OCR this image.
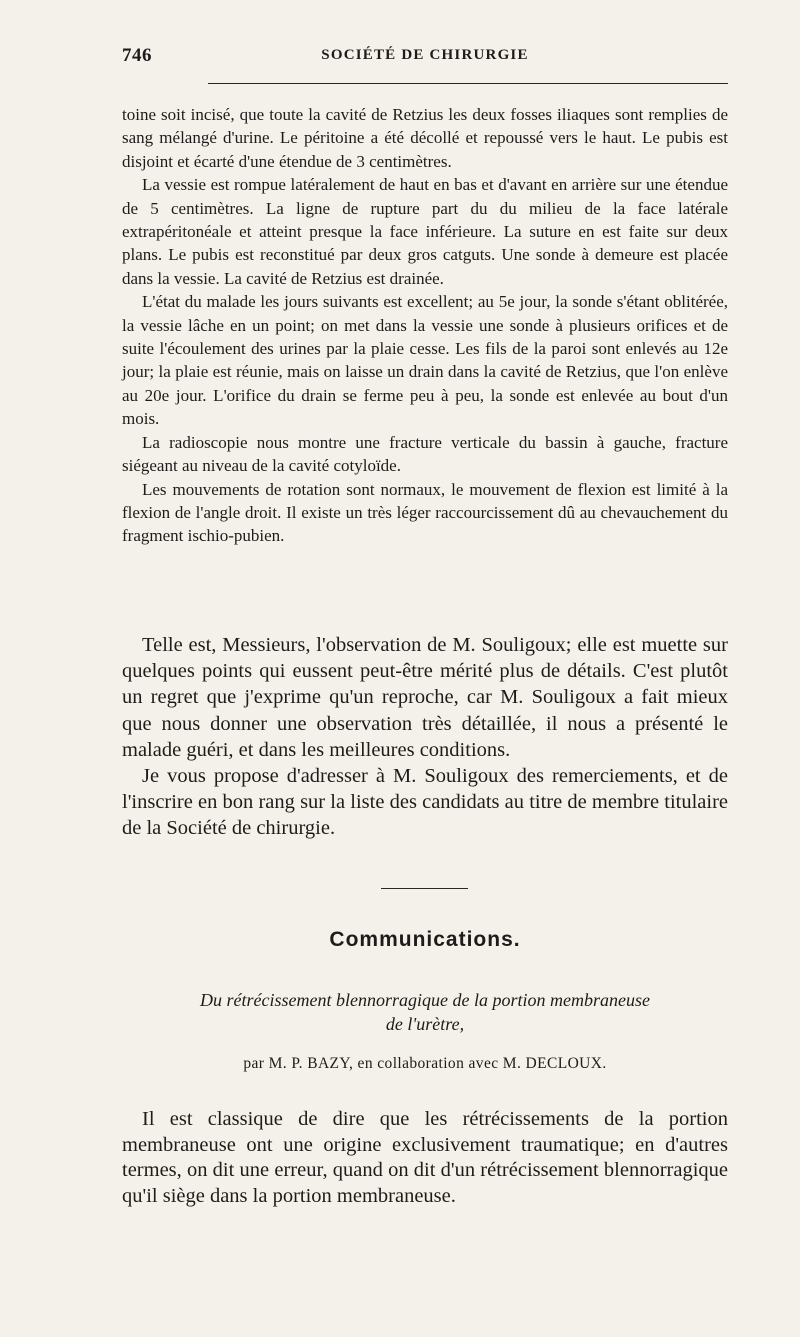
746	SOCIÉTÉ DE CHIRURGIE

toine soit incisé, que toute la cavité de Retzius les deux fosses iliaques sont remplies de sang mélangé d'urine. Le péritoine a été décollé et repoussé vers le haut. Le pubis est disjoint et écarté d'une étendue de 3 centimètres.

La vessie est rompue latéralement de haut en bas et d'avant en arrière sur une étendue de 5 centimètres. La ligne de rupture part du du milieu de la face latérale extrapéritonéale et atteint presque la face inférieure. La suture en est faite sur deux plans. Le pubis est reconstitué par deux gros catguts. Une sonde à demeure est placée dans la vessie. La cavité de Retzius est drainée.

L'état du malade les jours suivants est excellent; au 5e jour, la sonde s'étant oblitérée, la vessie lâche en un point; on met dans la vessie une sonde à plusieurs orifices et de suite l'écoulement des urines par la plaie cesse. Les fils de la paroi sont enlevés au 12e jour; la plaie est réunie, mais on laisse un drain dans la cavité de Retzius, que l'on enlève au 20e jour. L'orifice du drain se ferme peu à peu, la sonde est enlevée au bout d'un mois.

La radioscopie nous montre une fracture verticale du bassin à gauche, fracture siégeant au niveau de la cavité cotyloïde.

Les mouvements de rotation sont normaux, le mouvement de flexion est limité à la flexion de l'angle droit. Il existe un très léger raccourcissement dû au chevauchement du fragment ischio-pubien.

Telle est, Messieurs, l'observation de M. Souligoux; elle est muette sur quelques points qui eussent peut-être mérité plus de détails. C'est plutôt un regret que j'exprime qu'un reproche, car M. Souligoux a fait mieux que nous donner une observation très détaillée, il nous a présenté le malade guéri, et dans les meilleures conditions.

Je vous propose d'adresser à M. Souligoux des remerciements, et de l'inscrire en bon rang sur la liste des candidats au titre de membre titulaire de la Société de chirurgie.

Communications.
Du rétrécissement blennorragique de la portion membraneuse
de l'urètre,
par M. P. BAZY, en collaboration avec M. DECLOUX.

Il est classique de dire que les rétrécissements de la portion membraneuse ont une origine exclusivement traumatique; en d'autres termes, on dit une erreur, quand on dit d'un rétrécissement blennorragique qu'il siège dans la portion membraneuse.
